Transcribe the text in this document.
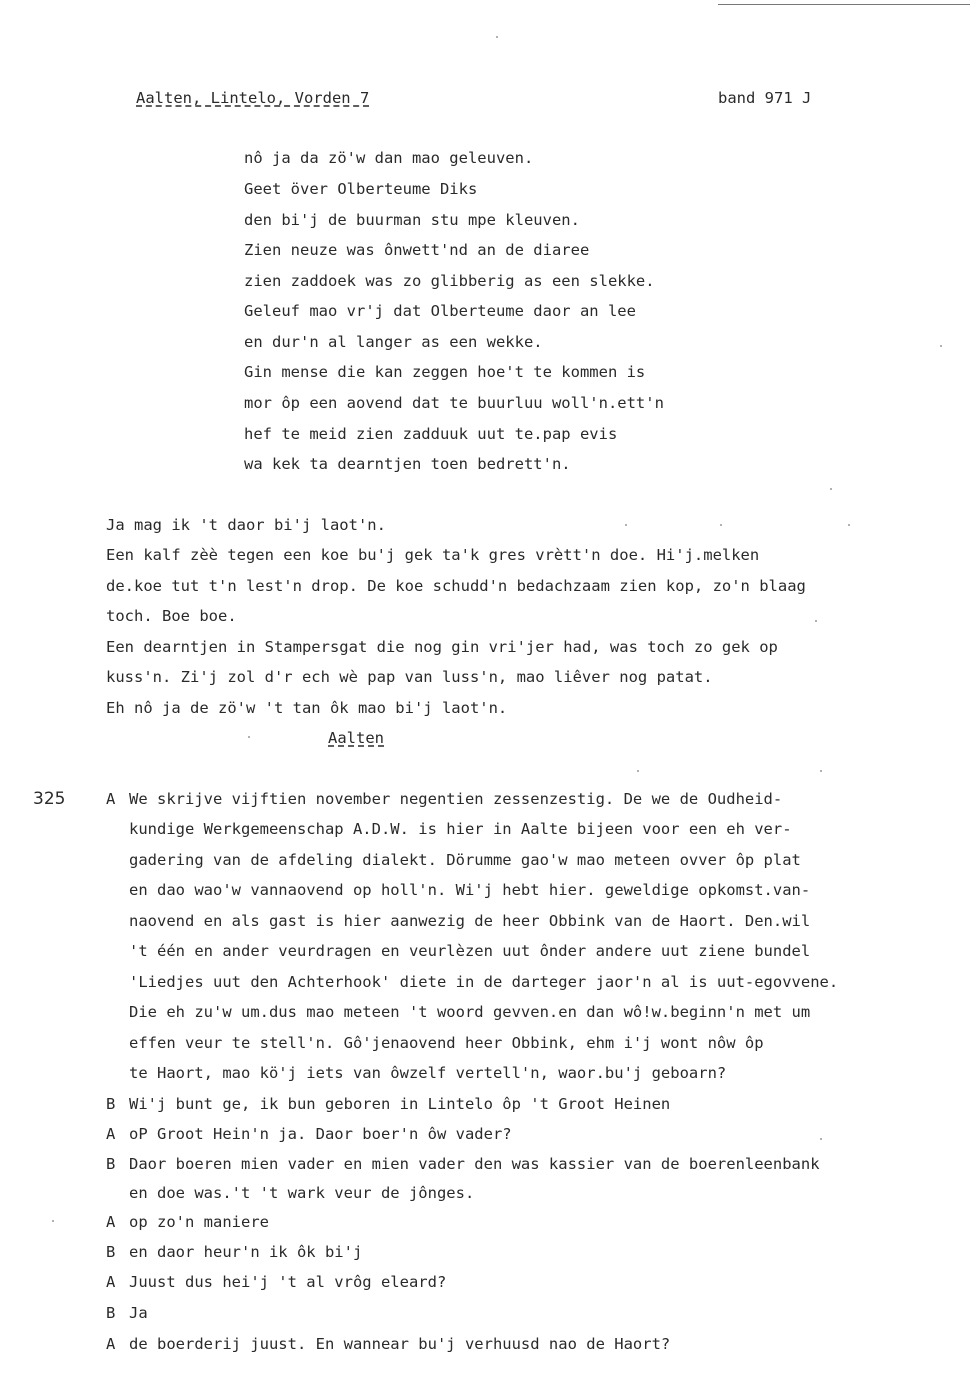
Aalten, Lintelo, Vorden 7	band 971 J
nô ja da zö'w dan mao geleuven.
Geet över Olberteume Diks
den bi'j de buurman stu mpe kleuven.
Zien neuze was ônwett'nd an de diaree
zien zaddoek was zo glibberig as een slekke.
Geleuf mao vr'j dat Olberteume daor an lee
en dur'n al langer as een wekke.
Gin mense die kan zeggen hoe't te kommen is
mor ôp een aovend dat te buurluu woll'n.ett'n
hef te meid zien zadduuk uut te.pap evis
wa kek ta dearntjen toen bedrett'n.
Ja mag ik 't daor bi'j laot'n.
Een kalf zèè tegen een koe bu'j gek ta'k gres vrètt'n doe. Hi'j.melken
de.koe tut t'n lest'n drop. De koe schudd'n bedachzaam zien kop, zo'n blaag
toch. Boe boe.
Een dearntjen in Stampersgat die nog gin vri'jer had, was toch zo gek op
kuss'n. Zi'j zol d'r ech wè pap van luss'n, mao liêver nog patat.
Eh nô ja de zö'w 't tan ôk mao bi'j laot'n.
Aalten
325	A We skrijve vijftien november negentien zessenzestig. De we de Oudheid-
kundige Werkgemeenschap A.D.W. is hier in Aalte bijeen voor een eh ver-
gadering van de afdeling dialekt. Dörumme gao'w mao meteen ovver ôp plat
en dao wao'w vannaovend op holl'n. Wi'j hebt hier. geweldige opkomst.van-
naovend en als gast is hier aanwezig de heer Obbink van de Haort. Den.wil
't één en ander veurdragen en veurlèzen uut ônder andere uut ziene bundel
'Liedjes uut den Achterhook' diete in de darteger jaor'n al is uut-egovvene.
Die eh zu'w um.dus mao meteen 't woord gevven.en dan wô!w.beginn'n met um
effen veur te stell'n. Gô'jenaovend heer Obbink, ehm i'j wont nôw ôp
te Haort, mao kö'j iets van ôwzelf vertell'n, waor.bu'j geboarn?
B Wi'j bunt ge, ik bun geboren in Lintelo ôp 't Groot Heinen
A oP Groot Hein'n ja. Daor boer'n ôw vader?
B Daor boeren mien vader en mien vader den was kassier van de boerenleenbank
en doe was.'t 't wark veur de jônges.
A op zo'n maniere
B en daor heur'n ik ôk bi'j
A Juust dus hei'j 't al vrôg eleard?
B Ja
A de boerderij juust. En wannear bu'j verhuusd nao de Haort?
